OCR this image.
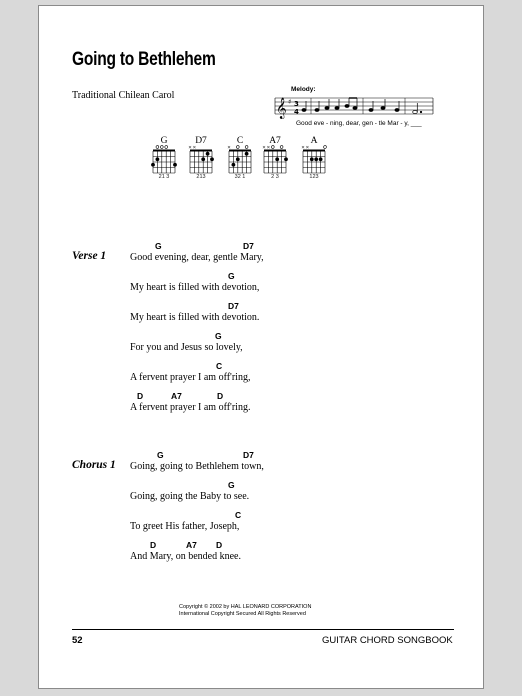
Going to Bethlehem
Traditional Chilean Carol
Melody:
𝄞 ♯ 3
4
Good eve - ning, dear, gen - tle Mar - y, ___
G
21 3
D7
× ×
213
C
×
32 1
A7
× ×
2 3
A
× ×
123
Verse 1
G	D7
Good evening, dear, gentle Mary,
G
My heart is filled with devotion,
D7
My heart is filled with devotion.
G
For you and Jesus so lovely,
C
A fervent prayer I am off'ring,
D	A7	D
A fervent prayer I am off'ring.
Chorus 1
G	D7
Going, going to Bethlehem town,
G
Going, going the Baby to see.
C
To greet His father, Joseph,
D	A7 D
And Mary, on bended knee.
Copyright © 2002 by HAL LEONARD CORPORATION
International Copyright Secured All Rights Reserved
52	GUITAR CHORD SONGBOOK
